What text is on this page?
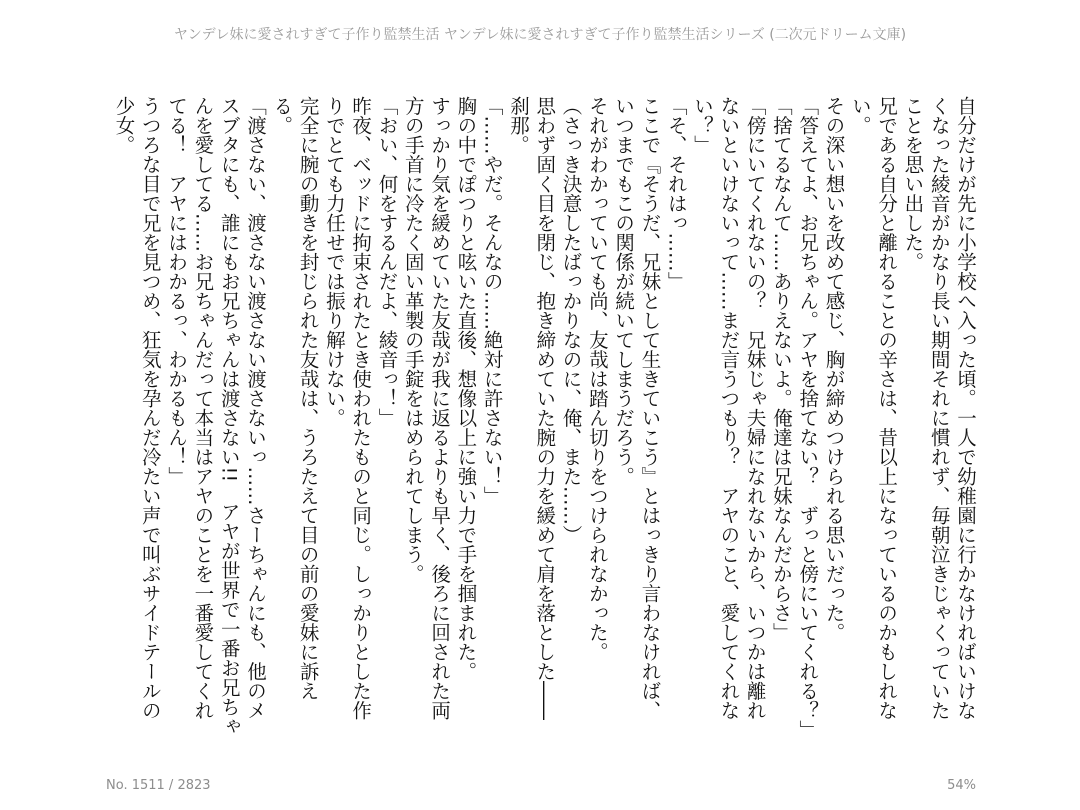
ヤンデレ妹に愛されすぎて子作り監禁生活 ヤンデレ妹に愛されすぎて子作り監禁生活シリーズ (二次元ドリーム文庫)

自分だけが先に小学校へ入った頃。一人で幼稚園に行かなければいけなくなった綾音がかなり長い期間それに慣れず、毎朝泣きじゃくっていたことを思い出した。

兄である自分と離れることの辛さは、昔以上になっているのかもしれない。

その深い想いを改めて感じ、胸が締めつけられる思いだった。

「答えてよ、お兄ちゃん。アヤを捨てない？　ずっと傍にいてくれる？」

「捨てるなんて……ありえないよ。俺達は兄妹なんだからさ」

「傍にいてくれないの？　兄妹じゃ夫婦になれないから、いつかは離れないといけないって……まだ言うつもり？　アヤのこと、愛してくれない？」

「そ、それはっ……」

ここで『そうだ、兄妹として生きていこう』とはっきり言わなければ、いつまでもこの関係が続いてしまうだろう。

それがわかっていても尚、友哉は踏ん切りをつけられなかった。

（さっき決意したばっかりなのに、俺、また……）

思わず固く目を閉じ、抱き締めていた腕の力を緩めて肩を落とした――刹那。

「……やだ。そんなの……絶対に許さない！」

胸の中でぽつりと呟いた直後、想像以上に強い力で手を掴まれた。

すっかり気を緩めていた友哉が我に返るよりも早く、後ろに回された両方の手首に冷たく固い革製の手錠をはめられてしまう。

「おい、何をするんだよ、綾音っ！」

昨夜、ベッドに拘束されたとき使われたものと同じ。しっかりとした作りでとても力任せでは振り解けない。

完全に腕の動きを封じられた友哉は、うろたえて目の前の愛妹に訴える。

「渡さない、渡さない渡さない渡さないっ……さーちゃんにも、他のメスブタにも、誰にもお兄ちゃんは渡さない!!　アヤが世界で一番お兄ちゃんを愛してる……お兄ちゃんだって本当はアヤのことを一番愛してくれてる！　アヤにはわかるっ、わかるもん！」

うつろな目で兄を見つめ、狂気を孕んだ冷たい声で叫ぶサイドテールの少女。

No. 1511 / 2823	54%
